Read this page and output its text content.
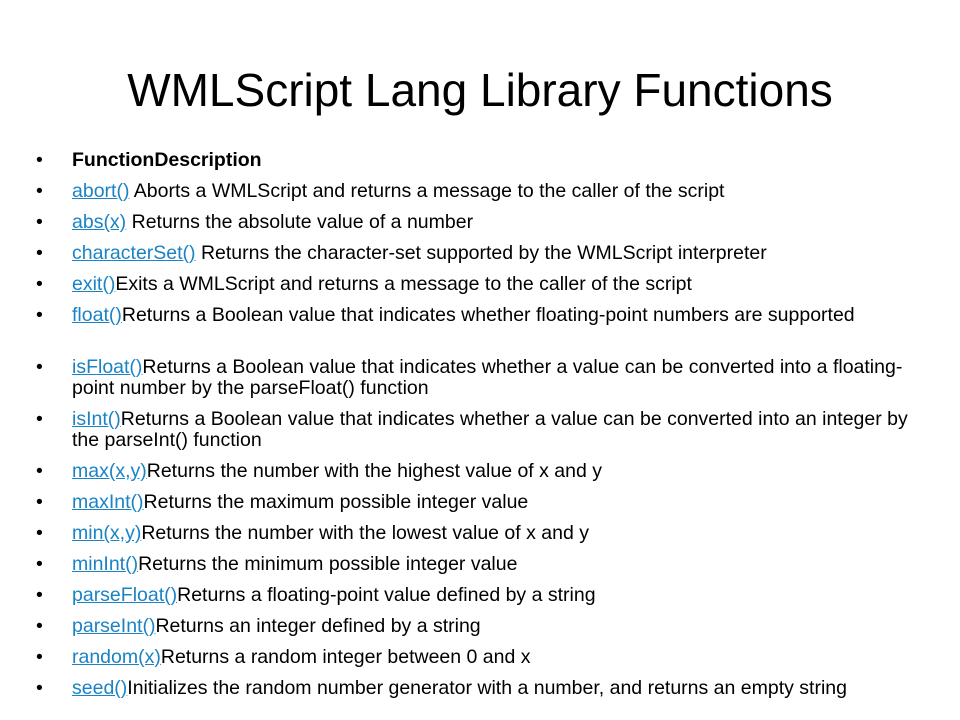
WMLScript Lang Library Functions
• FunctionDescription
• abort() Aborts a WMLScript and returns a message to the caller of the script
• abs(x) Returns the absolute value of a number
• characterSet() Returns the character-set supported by the WMLScript interpreter
• exit()Exits a WMLScript and returns a message to the caller of the script
• float()Returns a Boolean value that indicates whether floating-point numbers are supported
• isFloat()Returns a Boolean value that indicates whether a value can be converted into a floating-point number by the parseFloat() function
• isInt()Returns a Boolean value that indicates whether a value can be converted into an integer by the parseInt() function
• max(x,y)Returns the number with the highest value of x and y
• maxInt()Returns the maximum possible integer value
• min(x,y)Returns the number with the lowest value of x and y
• minInt()Returns the minimum possible integer value
• parseFloat()Returns a floating-point value defined by a string
• parseInt()Returns an integer defined by a string
• random(x)Returns a random integer between 0 and x
• seed()Initializes the random number generator with a number, and returns an empty string
